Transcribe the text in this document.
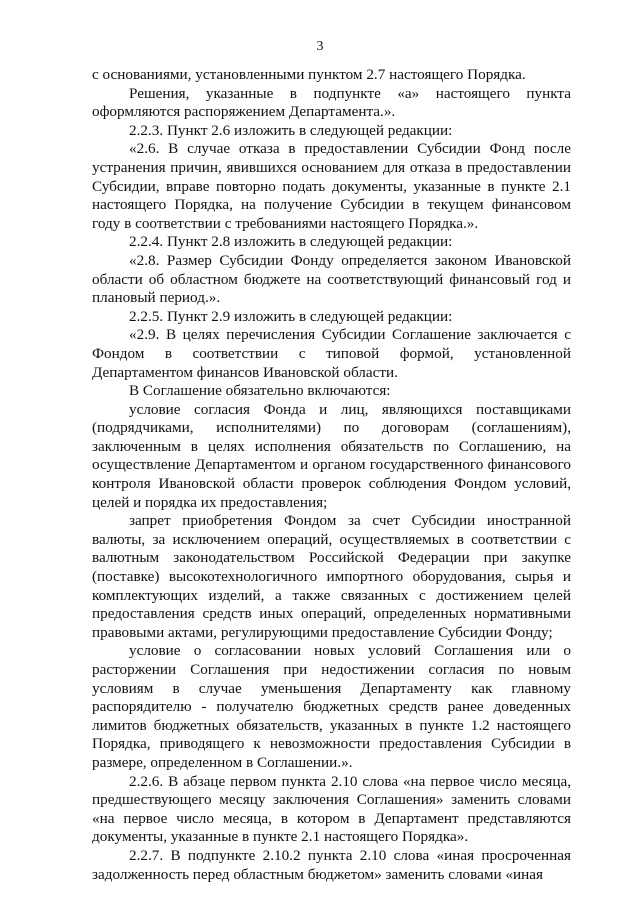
3

с основаниями, установленными пунктом 2.7 настоящего Порядка.

Решения, указанные в подпункте «а» настоящего пункта оформляются распоряжением Департамента.».

2.2.3. Пункт 2.6 изложить в следующей редакции:

«2.6. В случае отказа в предоставлении Субсидии Фонд после устранения причин, явившихся основанием для отказа в предоставлении Субсидии, вправе повторно подать документы, указанные в пункте 2.1 настоящего Порядка, на получение Субсидии в текущем финансовом году в соответствии с требованиями настоящего Порядка.».

2.2.4. Пункт 2.8 изложить в следующей редакции:

«2.8. Размер Субсидии Фонду определяется законом Ивановской области об областном бюджете на соответствующий финансовый год и плановый период.».

2.2.5. Пункт 2.9 изложить в следующей редакции:

«2.9. В целях перечисления Субсидии Соглашение заключается с Фондом в соответствии с типовой формой, установленной Департаментом финансов Ивановской области.

В Соглашение обязательно включаются:

условие согласия Фонда и лиц, являющихся поставщиками (подрядчиками, исполнителями) по договорам (соглашениям), заключенным в целях исполнения обязательств по Соглашению, на осуществление Департаментом и органом государственного финансового контроля Ивановской области проверок соблюдения Фондом условий, целей и порядка их предоставления;

запрет приобретения Фондом за счет Субсидии иностранной валюты, за исключением операций, осуществляемых в соответствии с валютным законодательством Российской Федерации при закупке (поставке) высокотехнологичного импортного оборудования, сырья и комплектующих изделий, а также связанных с достижением целей предоставления средств иных операций, определенных нормативными правовыми актами, регулирующими предоставление Субсидии Фонду;

условие о согласовании новых условий Соглашения или о расторжении Соглашения при недостижении согласия по новым условиям в случае уменьшения Департаменту как главному распорядителю - получателю бюджетных средств ранее доведенных лимитов бюджетных обязательств, указанных в пункте 1.2 настоящего Порядка, приводящего к невозможности предоставления Субсидии в размере, определенном в Соглашении.».

2.2.6. В абзаце первом пункта 2.10 слова «на первое число месяца, предшествующего месяцу заключения Соглашения» заменить словами «на первое число месяца, в котором в Департамент представляются документы, указанные в пункте 2.1 настоящего Порядка».

2.2.7. В подпункте 2.10.2 пункта 2.10 слова «иная просроченная задолженность перед областным бюджетом» заменить словами «иная
